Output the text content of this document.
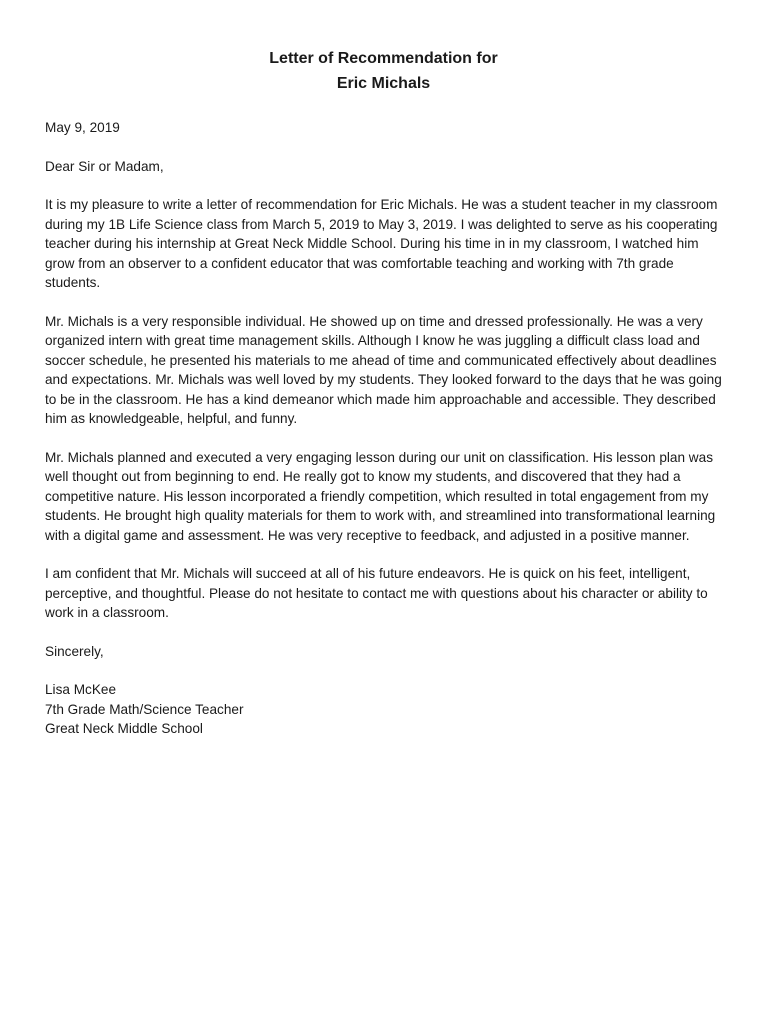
Letter of Recommendation for
Eric Michals

May 9, 2019

Dear Sir or Madam,

It is my pleasure to write a letter of recommendation for Eric Michals. He was a student teacher in my classroom during my 1B Life Science class from March 5, 2019 to May 3, 2019. I was delighted to serve as his cooperating teacher during his internship at Great Neck Middle School. During his time in in my classroom, I watched him grow from an observer to a confident educator that was comfortable teaching and working with 7th grade students.

Mr. Michals is a very responsible individual. He showed up on time and dressed professionally. He was a very organized intern with great time management skills. Although I know he was juggling a difficult class load and soccer schedule, he presented his materials to me ahead of time and communicated effectively about deadlines and expectations. Mr. Michals was well loved by my students. They looked forward to the days that he was going to be in the classroom. He has a kind demeanor which made him approachable and accessible. They described him as knowledgeable, helpful, and funny.

Mr. Michals planned and executed a very engaging lesson during our unit on classification. His lesson plan was well thought out from beginning to end. He really got to know my students, and discovered that they had a competitive nature. His lesson incorporated a friendly competition, which resulted in total engagement from my students. He brought high quality materials for them to work with, and streamlined into transformational learning with a digital game and assessment. He was very receptive to feedback, and adjusted in a positive manner.

I am confident that Mr. Michals will succeed at all of his future endeavors. He is quick on his feet, intelligent, perceptive, and thoughtful. Please do not hesitate to contact me with questions about his character or ability to work in a classroom.

Sincerely,

Lisa McKee
7th Grade Math/Science Teacher
Great Neck Middle School
